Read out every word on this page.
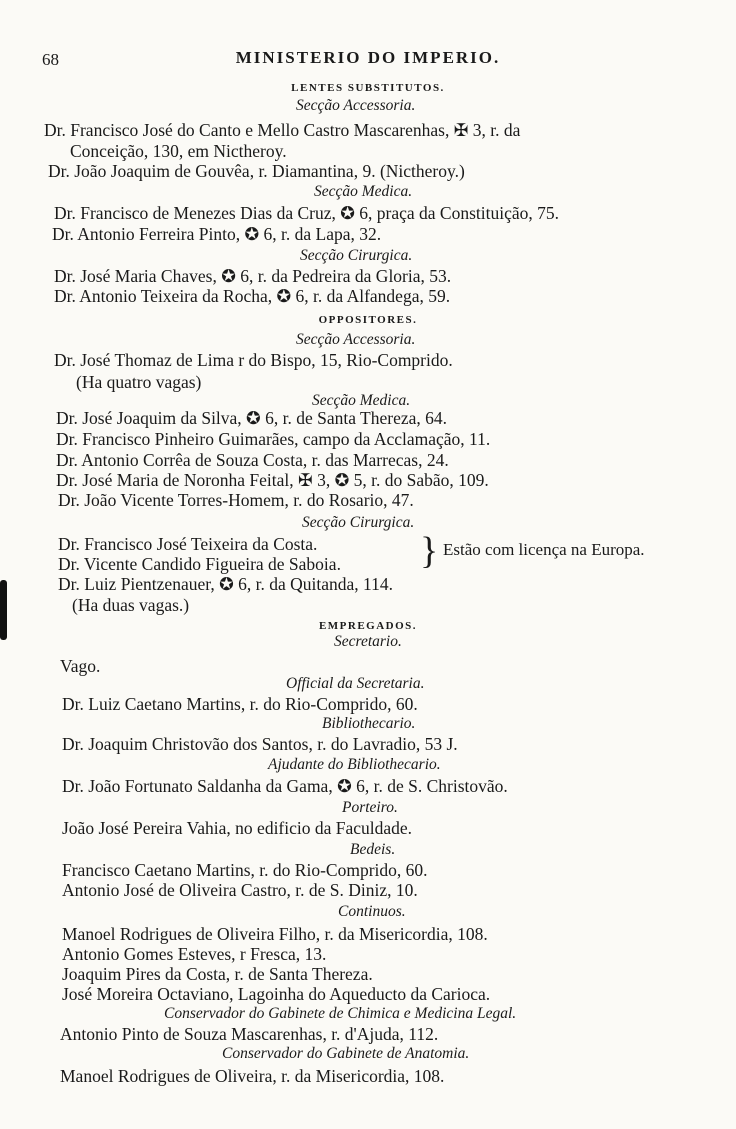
68	MINISTERIO DO IMPERIO.
LENTES SUBSTITUTOS.
Secção Accessoria.
Dr. Francisco José do Canto e Mello Castro Mascarenhas, ✠ 3, r. da
Conceição, 130, em Nictheroy.
Dr. João Joaquim de Gouvêa, r. Diamantina, 9. (Nictheroy.)
Secção Medica.
Dr. Francisco de Menezes Dias da Cruz, ✪ 6, praça da Constituição, 75.
Dr. Antonio Ferreira Pinto, ✪ 6, r. da Lapa, 32.
Secção Cirurgica.
Dr. José Maria Chaves, ✪ 6, r. da Pedreira da Gloria, 53.
Dr. Antonio Teixeira da Rocha, ✪ 6, r. da Alfandega, 59.
OPPOSITORES.
Secção Accessoria.
Dr. José Thomaz de Lima r do Bispo, 15, Rio-Comprido.
(Ha quatro vagas)
Secção Medica.
Dr. José Joaquim da Silva, ✪ 6, r. de Santa Thereza, 64.
Dr. Francisco Pinheiro Guimarães, campo da Acclamação, 11.
Dr. Antonio Corrêa de Souza Costa, r. das Marrecas, 24.
Dr. José Maria de Noronha Feital, ✠ 3, ✪ 5, r. do Sabão, 109.
Dr. João Vicente Torres-Homem, r. do Rosario, 47.
Secção Cirurgica.
Dr. Francisco José Teixeira da Costa.
Dr. Vicente Candido Figueira de Saboia. } Estão com licença na Europa.
Dr. Luiz Pientzenauer, ✪ 6, r. da Quitanda, 114.
(Ha duas vagas.)
EMPREGADOS.
Secretario.
Vago.
Official da Secretaria.
Dr. Luiz Caetano Martins, r. do Rio-Comprido, 60.
Bibliothecario.
Dr. Joaquim Christovão dos Santos, r. do Lavradio, 53 J.
Ajudante do Bibliothecario.
Dr. João Fortunato Saldanha da Gama, ✪ 6, r. de S. Christovão.
Porteiro.
João José Pereira Vahia, no edificio da Faculdade.
Bedeis.
Francisco Caetano Martins, r. do Rio-Comprido, 60.
Antonio José de Oliveira Castro, r. de S. Diniz, 10.
Continuos.
Manoel Rodrigues de Oliveira Filho, r. da Misericordia, 108.
Antonio Gomes Esteves, r Fresca, 13.
Joaquim Pires da Costa, r. de Santa Thereza.
José Moreira Octaviano, Lagoinha do Aqueducto da Carioca.
Conservador do Gabinete de Chimica e Medicina Legal.
Antonio Pinto de Souza Mascarenhas, r. d'Ajuda, 112.
Conservador do Gabinete de Anatomia.
Manoel Rodrigues de Oliveira, r. da Misericordia, 108.
